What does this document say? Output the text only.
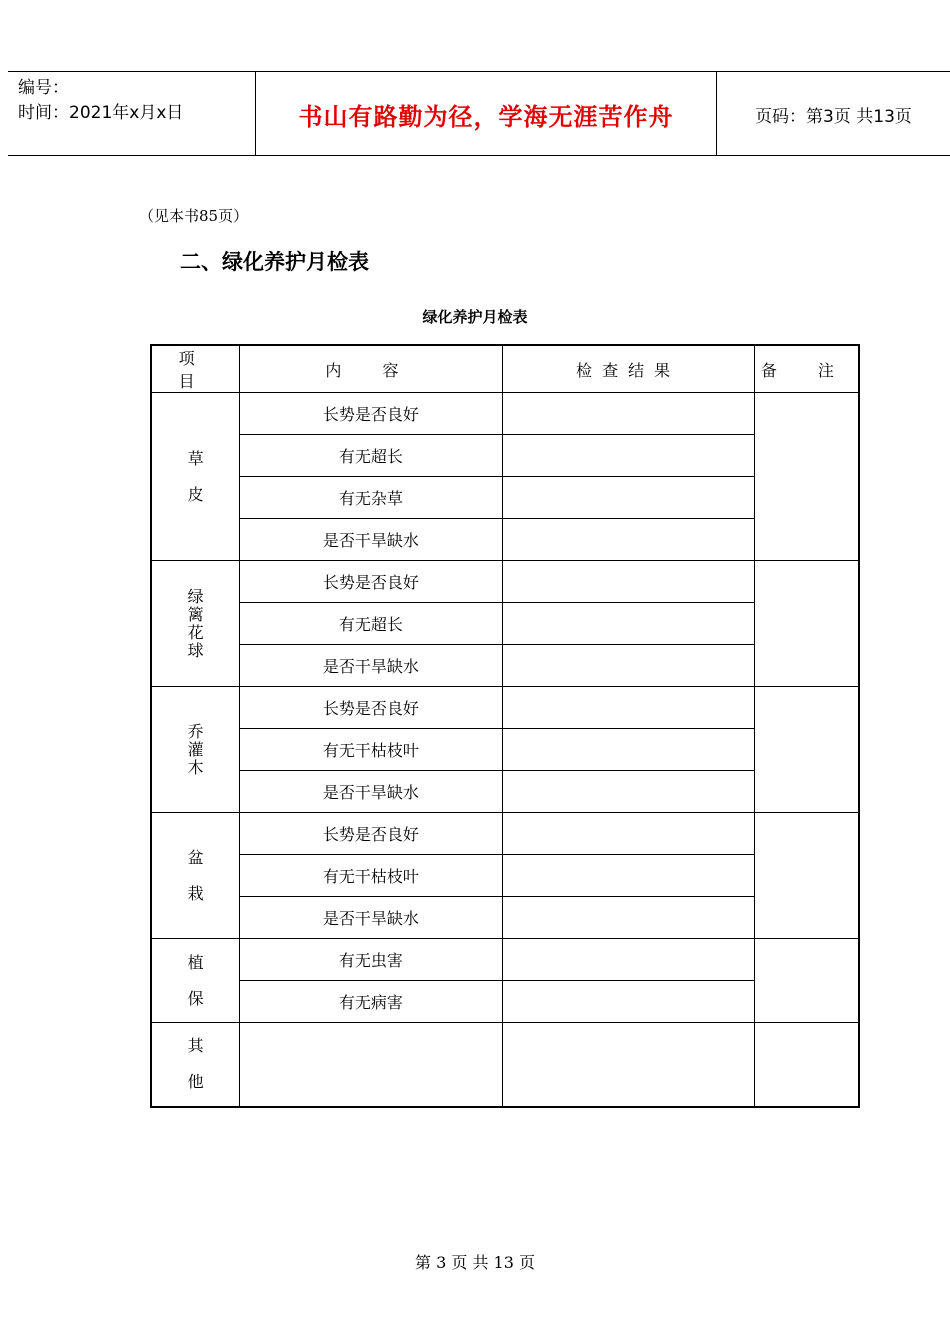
编号：
时间：2021年x月x日	书山有路勤为径，学海无涯苦作舟	页码：第3页 共13页
（见本书85页）
二、绿化养护月检表
绿化养护月检表
项 目	内 容	检查结果	备 注

草
皮	长势是否良好		
	有无超长		
	有无杂草		
	是否干旱缺水		

绿篱花球	长势是否良好		
	有无超长		
	是否干旱缺水		

乔灌木	长势是否良好		
	有无干枯枝叶		
	是否干旱缺水		

盆
栽	长势是否良好		
	有无干枯枝叶		
	是否干旱缺水		

植
保	有无虫害		
	有无病害		

其
他			

第 3 页 共 13 页
